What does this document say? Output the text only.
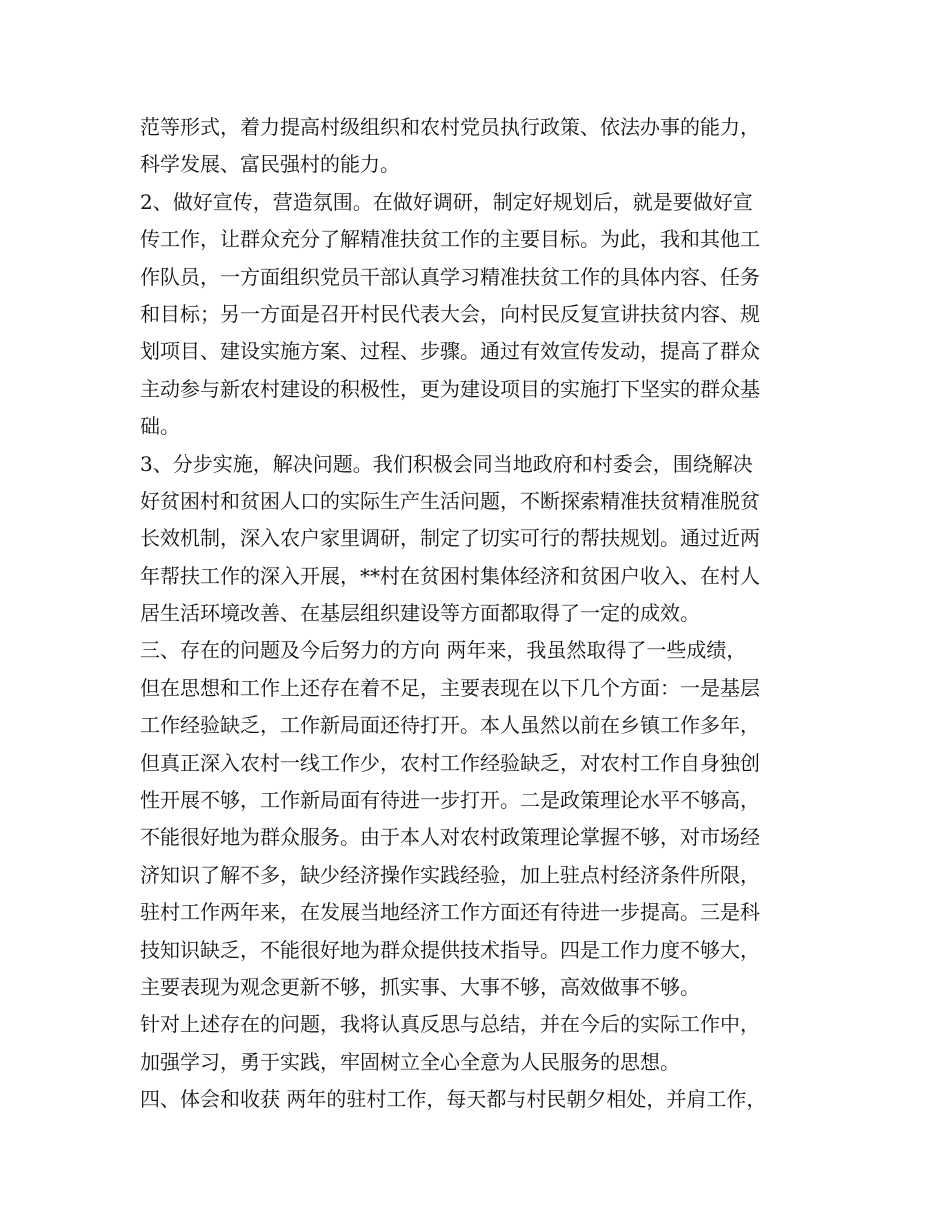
范等形式，着力提高村级组织和农村党员执行政策、依法办事的能力，
科学发展、富民强村的能力。
2、做好宣传，营造氛围。在做好调研，制定好规划后，就是要做好宣
传工作，让群众充分了解精准扶贫工作的主要目标。为此，我和其他工
作队员，一方面组织党员干部认真学习精准扶贫工作的具体内容、任务
和目标；另一方面是召开村民代表大会，向村民反复宣讲扶贫内容、规
划项目、建设实施方案、过程、步骤。通过有效宣传发动，提高了群众
主动参与新农村建设的积极性，更为建设项目的实施打下坚实的群众基
础。
3、分步实施，解决问题。我们积极会同当地政府和村委会，围绕解决
好贫困村和贫困人口的实际生产生活问题，不断探索精准扶贫精准脱贫
长效机制，深入农户家里调研，制定了切实可行的帮扶规划。通过近两
年帮扶工作的深入开展，**村在贫困村集体经济和贫困户收入、在村人
居生活环境改善、在基层组织建设等方面都取得了一定的成效。
三、存在的问题及今后努力的方向 两年来，我虽然取得了一些成绩，
但在思想和工作上还存在着不足，主要表现在以下几个方面：一是基层
工作经验缺乏，工作新局面还待打开。本人虽然以前在乡镇工作多年，
但真正深入农村一线工作少，农村工作经验缺乏，对农村工作自身独创
性开展不够，工作新局面有待进一步打开。二是政策理论水平不够高，
不能很好地为群众服务。由于本人对农村政策理论掌握不够，对市场经
济知识了解不多，缺少经济操作实践经验，加上驻点村经济条件所限，
驻村工作两年来，在发展当地经济工作方面还有待进一步提高。三是科
技知识缺乏，不能很好地为群众提供技术指导。四是工作力度不够大，
主要表现为观念更新不够，抓实事、大事不够，高效做事不够。
针对上述存在的问题，我将认真反思与总结，并在今后的实际工作中，
加强学习，勇于实践，牢固树立全心全意为人民服务的思想。
四、体会和收获 两年的驻村工作，每天都与村民朝夕相处，并肩工作，
